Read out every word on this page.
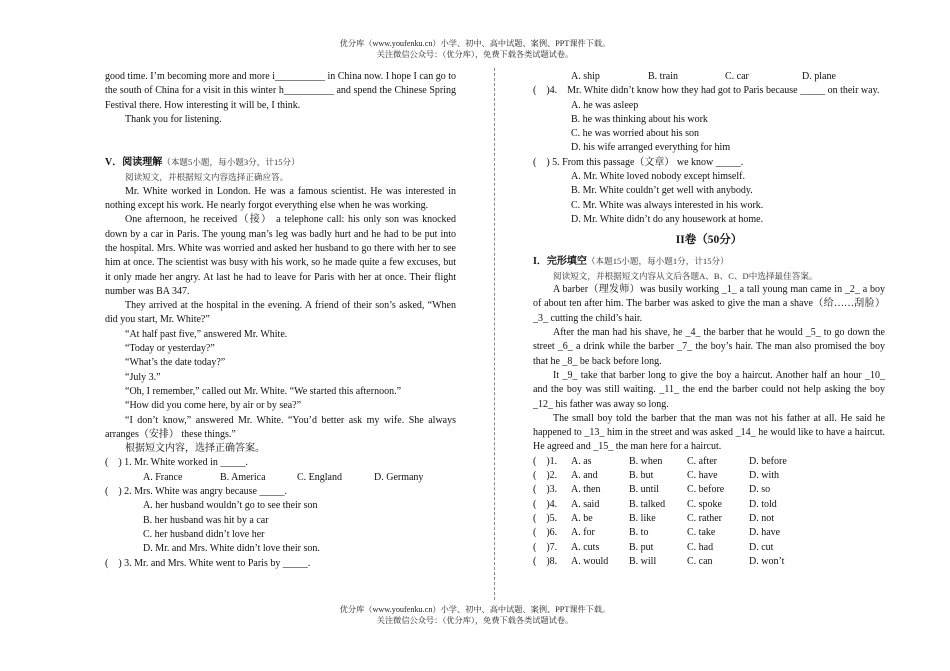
优分库（www.youfenku.cn）小学、初中、高中试题、案例、PPT课件下载。
关注微信公众号：（优分库），免费下载各类试题试卷。

good time. I’m becoming more and more i__________ in China now. I hope I can go to the south of China for a visit in this winter h__________ and spend the Chinese Spring Festival there. How interesting it will be, I think.

Thank you for listening.

V．阅读理解（本题5小题，每小题3分，计15分）

阅读短文，并根据短文内容选择正确应答。

Mr. White worked in London. He was a famous scientist. He was interested in nothing except his work. He nearly forgot everything else when he was working.

One afternoon, he received（接） a telephone call: his only son was knocked down by a car in Paris. The young man’s leg was badly hurt and he had to be put into the hospital. Mrs. White was worried and asked her husband to go there with her to see him at once. The scientist was busy with his work, so he made quite a few excuses, but it only made her angry. At last he had to leave for Paris with her at once. Their flight number was BA 347.

They arrived at the hospital in the evening. A friend of their son’s asked, “When did you start, Mr. White?”

“At half past five,” answered Mr. White.

“Today or yesterday?”

“What’s the date today?”

“July 3.”

“Oh, I remember,” called out Mr. White. “We started this afternoon.”

“How did you come here, by air or by sea?”

“I don’t know,” answered Mr. White. “You’d better ask my wife. She always arranges（安排） these things.”

根据短文内容，选择正确答案。

(　) 1. Mr. White worked in _____.

A. France	B. America	C. England	D. Germany

(　) 2. Mrs. White was angry because _____.

A. her husband wouldn’t go to see their son

B. her husband was hit by a car

C. her husband didn’t love her

D. Mr. and Mrs. White didn’t love their son.

(　) 3. Mr. and Mrs. White went to Paris by _____.

A. ship	B. train	C. car	D. plane

(　)4.　Mr. White didn’t know how they had got to Paris because _____ on their way.

A. he was asleep

B. he was thinking about his work

C. he was worried about his son

D. his wife arranged everything for him

(　) 5. From this passage（文章） we know _____.

A. Mr. White loved nobody except himself.

B. Mr. White couldn’t get well with anybody.

C. Mr. White was always interested in his work.

D. Mr. White didn’t do any housework at home.

II卷（50分）

I．完形填空（本题15小题，每小题1分，计15分）

阅读短文，并根据短文内容从文后各题A、B、C、D中选择最佳答案。

A barber（理发师）was busily working _1_ a tall young man came in _2_ a boy of about ten after him. The barber was asked to give the man a shave（给……刮脸） _3_ cutting the child’s hair.

After the man had his shave, he _4_ the barber that he would _5_ to go down the street _6_ a drink while the barber _7_ the boy’s hair. The man also promised the boy that he _8_ be back before long.

It _9_ take that barber long to give the boy a haircut. Another half an hour _10_ and the boy was still waiting. _11_ the end the barber could not help asking the boy _12_ his father was away so long.

The small boy told the barber that the man was not his father at all. He said he happened to _13_ him in the street and was asked _14_ he would like to have a haircut. He agreed and _15_ the man here for a haircut.

(　)1.	A. as	B. when	C. after	D. before
(　)2.	A. and	B. but	C. have	D. with
(　)3.	A. then	B. until	C. before	D. so
(　)4.	A. said	B. talked	C. spoke	D. told
(　)5.	A. be	B. like	C. rather	D. not
(　)6.	A. for	B. to	C. take	D. have
(　)7.	A. cuts	B. put	C. had	D. cut
(　)8.	A. would	B. will	C. can	D. won’t
优分库（www.youfenku.cn）小学、初中、高中试题、案例、PPT课件下载。
关注微信公众号：（优分库），免费下载各类试题试卷。
